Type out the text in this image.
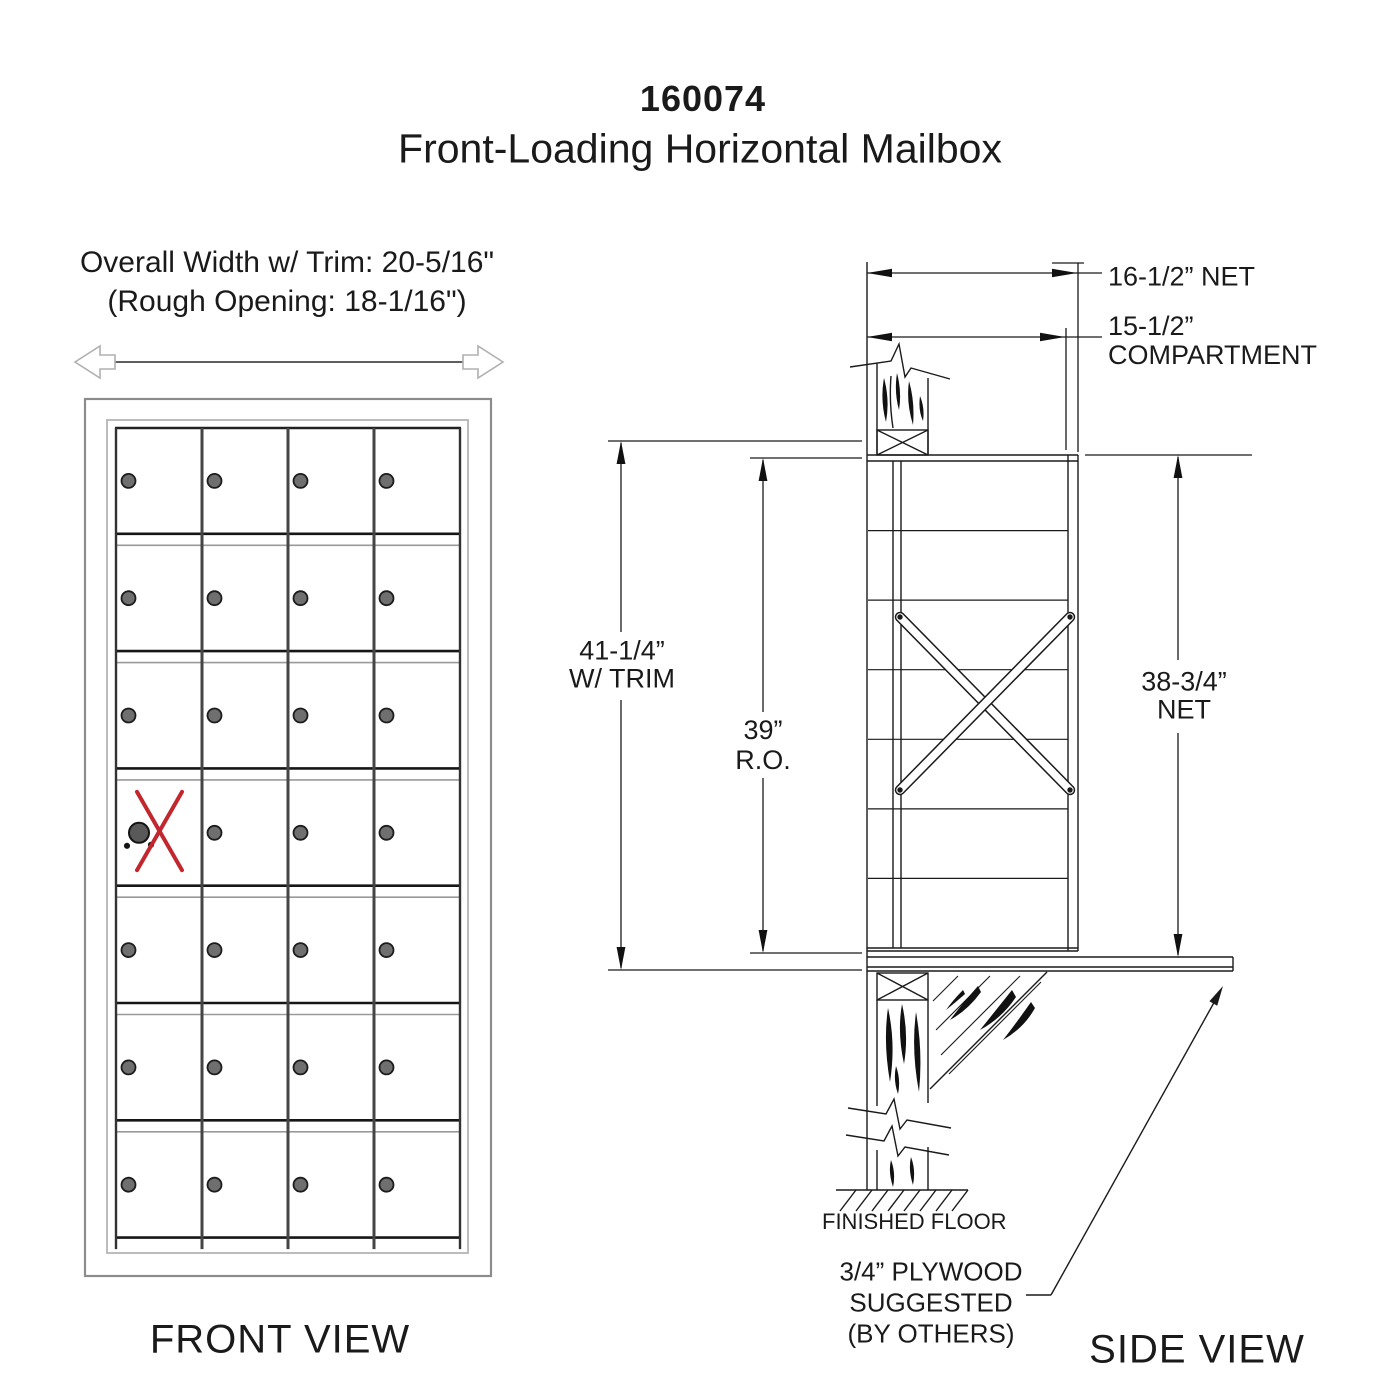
160074
Front-Loading Horizontal Mailbox
Overall Width w/ Trim: 20-5/16"
(Rough Opening: 18-1/16")
16-1/2” NET
15-1/2”
COMPARTMENT
41-1/4”
W/ TRIM
39”
R.O.
38-3/4”
NET
FINISHED FLOOR
3/4” PLYWOOD
SUGGESTED
(BY OTHERS)
FRONT VIEW	SIDE VIEW
